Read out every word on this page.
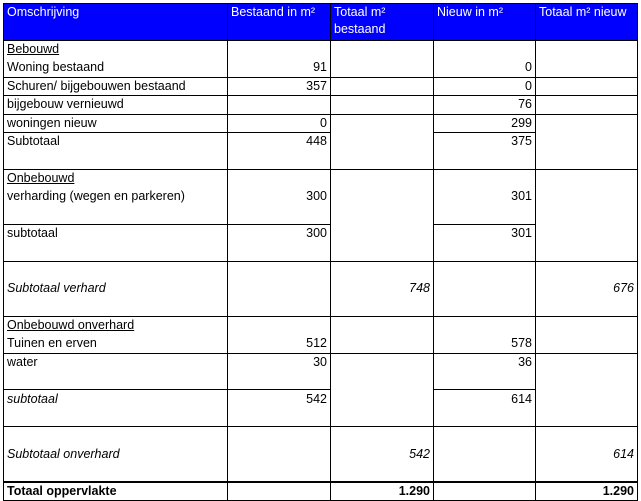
Omschrijving	Bestaand in m²	Totaal m² bestaand	Nieuw in m²	Totaal m² nieuw
Bebouwd				
Woning bestaand	91		0	
Schuren/ bijgebouwen bestaand	357		0	
bijgebouw vernieuwd			76	
woningen nieuw	0		299	
Subtotaal	448		375	

Onbebouwd				
verharding (wegen en parkeren)	300		301	

subtotaal	300		301	

Subtotaal verhard		748		676

Onbebouwd onverhard				
Tuinen en erven	512		578	
water	30		36	

subtotaal	542		614	

Subtotaal onverhard		542		614

Totaal oppervlakte		1.290		1.290
